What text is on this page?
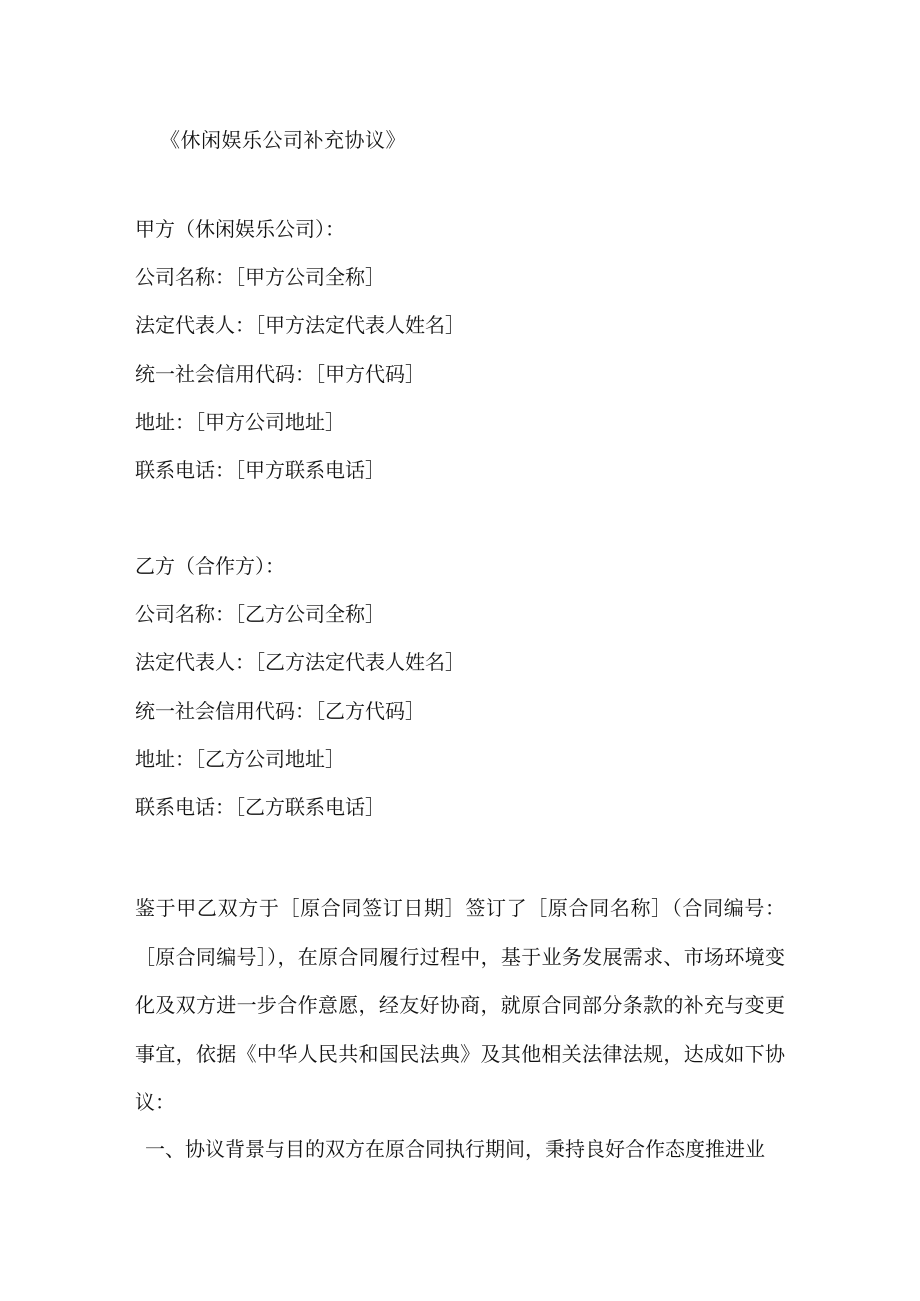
《休闲娱乐公司补充协议》
甲方（休闲娱乐公司）：
公司名称：［甲方公司全称］
法定代表人：［甲方法定代表人姓名］
统一社会信用代码：［甲方代码］
地址：［甲方公司地址］
联系电话：［甲方联系电话］
乙方（合作方）：
公司名称：［乙方公司全称］
法定代表人：［乙方法定代表人姓名］
统一社会信用代码：［乙方代码］
地址：［乙方公司地址］
联系电话：［乙方联系电话］
鉴于甲乙双方于［原合同签订日期］签订了［原合同名称］（合同编号：［原合同编号］），在原合同履行过程中，基于业务发展需求、市场环境变化及双方进一步合作意愿，经友好协商，就原合同部分条款的补充与变更事宜，依据《中华人民共和国民法典》及其他相关法律法规，达成如下协议：
一、协议背景与目的双方在原合同执行期间，秉持良好合作态度推进业
